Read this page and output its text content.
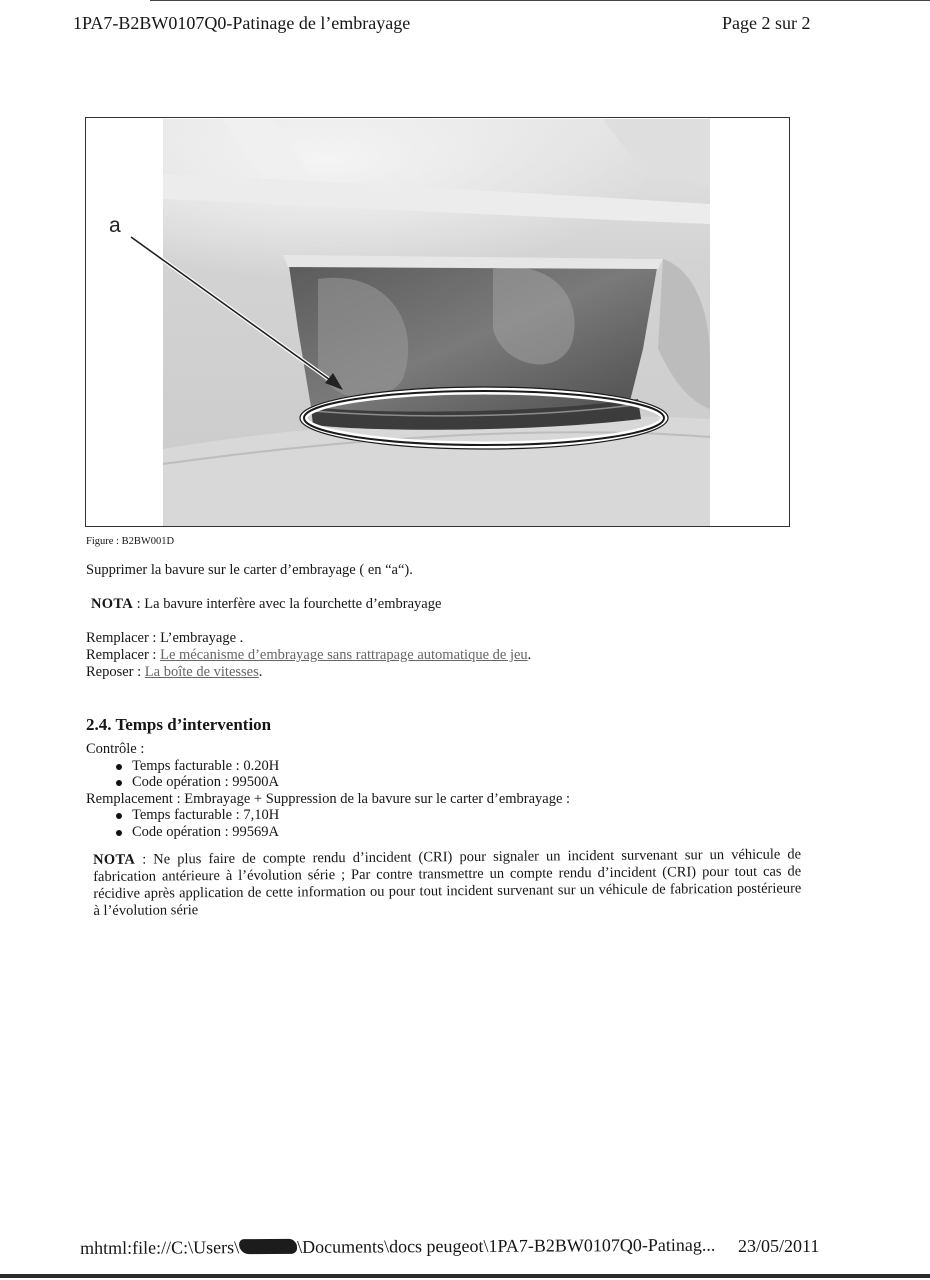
1PA7-B2BW0107Q0-Patinage de l’embrayage	Page 2 sur 2
a
Figure : B2BW001D
Supprimer la bavure sur le carter d’embrayage ( en “a“).
NOTA : La bavure interfère avec la fourchette d’embrayage
Remplacer : L’embrayage .
Remplacer : Le mécanisme d’embrayage sans rattrapage automatique de jeu.
Reposer : La boîte de vitesses.
2.4. Temps d’intervention
Contrôle :
Temps facturable : 0.20H
Code opération : 99500A
Remplacement : Embrayage + Suppression de la bavure sur le carter d’embrayage :
Temps facturable : 7,10H
Code opération : 99569A
NOTA : Ne plus faire de compte rendu d’incident (CRI) pour signaler un incident survenant sur un véhicule de fabrication antérieure à l’évolution série ; Par contre transmettre un compte rendu d’incident (CRI) pour tout cas de récidive après application de cette information ou pour tout incident survenant sur un véhicule de fabrication postérieure à l’évolution série
mhtml:file://C:\Users\	\Documents\docs peugeot\1PA7-B2BW0107Q0-Patinag... 23/05/2011
